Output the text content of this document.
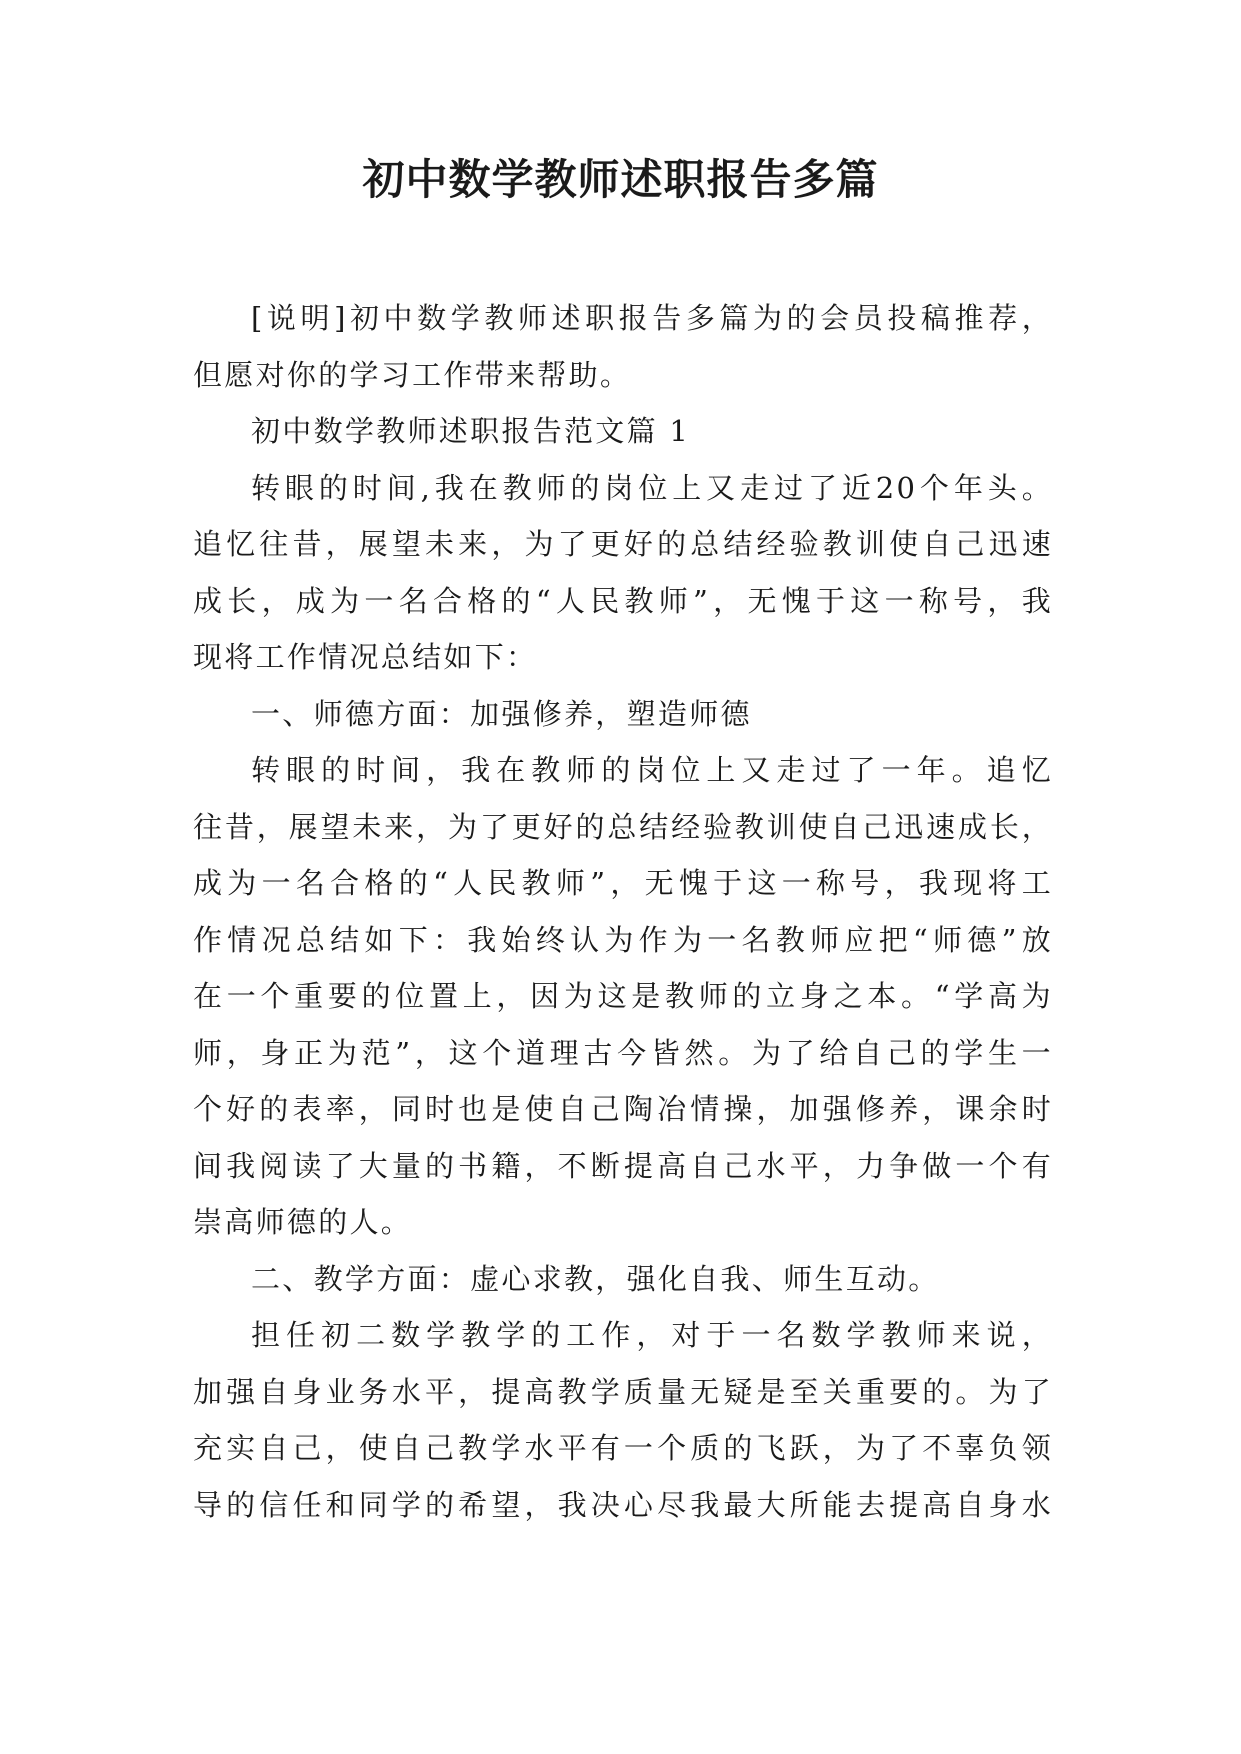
初中数学教师述职报告多篇
[说明]初中数学教师述职报告多篇为的会员投稿推荐，
但愿对你的学习工作带来帮助。
初中数学教师述职报告范文篇 1
转眼的时间,我在教师的岗位上又走过了近20个年头。
追忆往昔，展望未来，为了更好的总结经验教训使自己迅速
成长，成为一名合格的“人民教师”，无愧于这一称号，我
现将工作情况总结如下：
一、师德方面：加强修养，塑造师德
转眼的时间，我在教师的岗位上又走过了一年。追忆
往昔，展望未来，为了更好的总结经验教训使自己迅速成长，
成为一名合格的“人民教师”，无愧于这一称号，我现将工
作情况总结如下：我始终认为作为一名教师应把“师德”放
在一个重要的位置上，因为这是教师的立身之本。“学高为
师，身正为范”，这个道理古今皆然。为了给自己的学生一
个好的表率，同时也是使自己陶冶情操，加强修养，课余时
间我阅读了大量的书籍，不断提高自己水平，力争做一个有
崇高师德的人。
二、教学方面：虚心求教，强化自我、师生互动。
担任初二数学教学的工作，对于一名数学教师来说，
加强自身业务水平，提高教学质量无疑是至关重要的。为了
充实自己，使自己教学水平有一个质的飞跃，为了不辜负领
导的信任和同学的希望，我决心尽我最大所能去提高自身水
